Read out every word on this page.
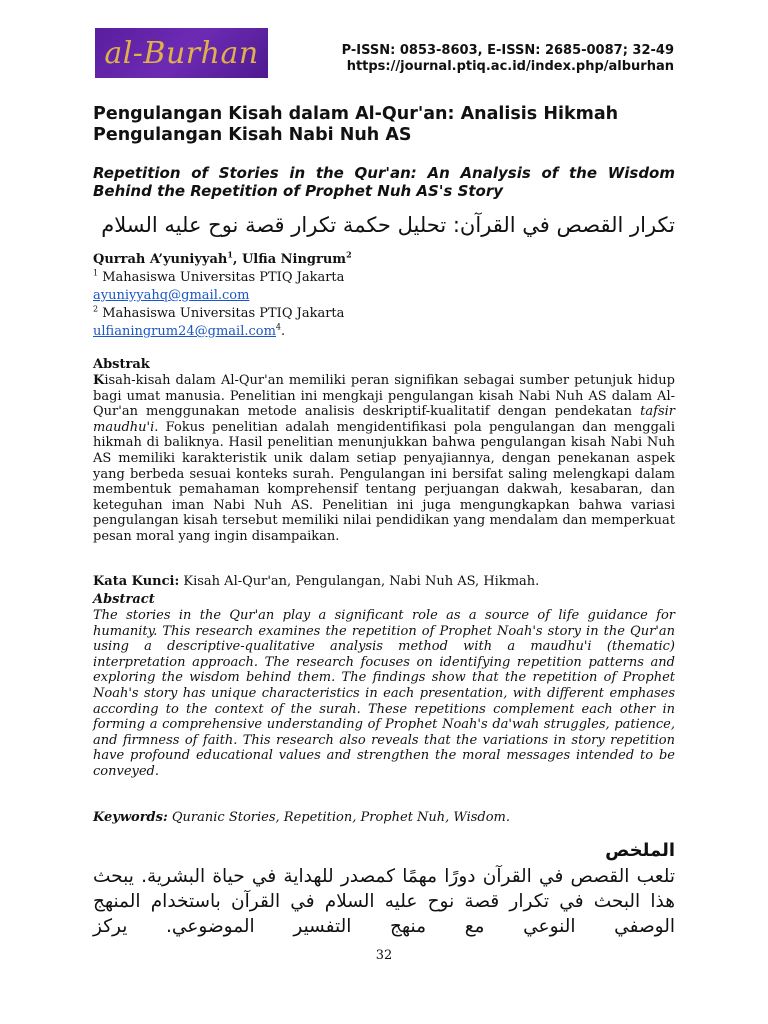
al-Burhan	P-ISSN: 0853-8603, E-ISSN: 2685-0087; 32-49
https://journal.ptiq.ac.id/index.php/alburhan
Pengulangan Kisah dalam Al-Qur'an: Analisis Hikmah Pengulangan Kisah Nabi Nuh AS
Repetition of Stories in the Qur'an: An Analysis of the Wisdom Behind the Repetition of Prophet Nuh AS's Story
تكرار القصص في القرآن: تحليل حكمة تكرار قصة نوح عليه السلام
Qurrah A’yuniyyah$^1$, Ulfia Ningrum$^2$
$^1$ Mahasiswa Universitas PTIQ Jakarta
ayuniyyahq@gmail.com
$^2$ Mahasiswa Universitas PTIQ Jakarta
ulfianingrum24@gmail.com$^4$.
Abstrak

Kisah-kisah dalam Al-Qur'an memiliki peran signifikan sebagai sumber petunjuk hidup bagi umat manusia. Penelitian ini mengkaji pengulangan kisah Nabi Nuh AS dalam Al-Qur'an menggunakan metode analisis deskriptif-kualitatif dengan pendekatan tafsir maudhu'i. Fokus penelitian adalah mengidentifikasi pola pengulangan dan menggali hikmah di baliknya. Hasil penelitian menunjukkan bahwa pengulangan kisah Nabi Nuh AS memiliki karakteristik unik dalam setiap penyajiannya, dengan penekanan aspek yang berbeda sesuai konteks surah. Pengulangan ini bersifat saling melengkapi dalam membentuk pemahaman komprehensif tentang perjuangan dakwah, kesabaran, dan keteguhan iman Nabi Nuh AS. Penelitian ini juga mengungkapkan bahwa variasi pengulangan kisah tersebut memiliki nilai pendidikan yang mendalam dan memperkuat pesan moral yang ingin disampaikan.

Kata Kunci: Kisah Al-Qur'an, Pengulangan, Nabi Nuh AS, Hikmah.
Abstract

The stories in the Qur'an play a significant role as a source of life guidance for humanity. This research examines the repetition of Prophet Noah's story in the Qur'an using a descriptive-qualitative analysis method with a maudhu'i (thematic) interpretation approach. The research focuses on identifying repetition patterns and exploring the wisdom behind them. The findings show that the repetition of Prophet Noah's story has unique characteristics in each presentation, with different emphases according to the context of the surah. These repetitions complement each other in forming a comprehensive understanding of Prophet Noah's da'wah struggles, patience, and firmness of faith. This research also reveals that the variations in story repetition have profound educational values and strengthen the moral messages intended to be conveyed.

Keywords: Quranic Stories, Repetition, Prophet Nuh, Wisdom.
الملخص

تلعب القصص في القرآن دورًا مهمًا كمصدر للهداية في حياة البشرية. يبحث هذا البحث في تكرار قصة نوح عليه السلام في القرآن باستخدام المنهج الوصفي النوعي مع منهج التفسير الموضوعي. يركز

32
